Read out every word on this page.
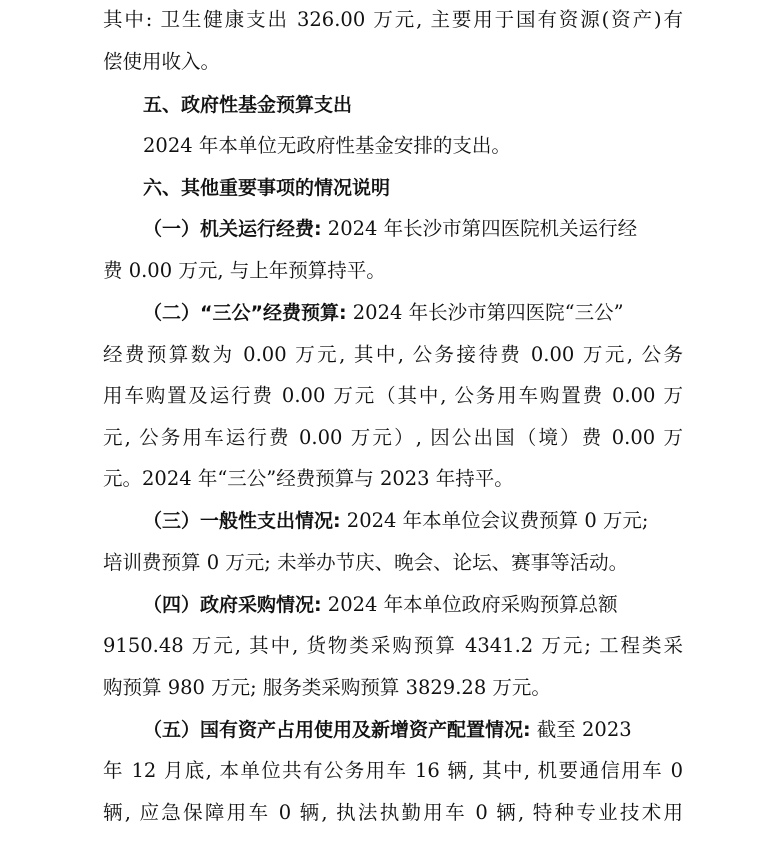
其中: 卫生健康支出 326.00 万元, 主要用于国有资源(资产)有

偿使用收入。

五、政府性基金预算支出

2024 年本单位无政府性基金安排的支出。

六、其他重要事项的情况说明

（一）机关运行经费: 2024 年长沙市第四医院机关运行经

费 0.00 万元, 与上年预算持平。

（二）“三公”经费预算: 2024 年长沙市第四医院“三公”

经费预算数为 0.00 万元, 其中, 公务接待费 0.00 万元, 公务

用车购置及运行费 0.00 万元（其中, 公务用车购置费 0.00 万

元, 公务用车运行费 0.00 万元）, 因公出国（境）费 0.00 万

元。2024 年“三公”经费预算与 2023 年持平。

（三）一般性支出情况: 2024 年本单位会议费预算 0 万元;

培训费预算 0 万元; 未举办节庆、晚会、论坛、赛事等活动。

（四）政府采购情况: 2024 年本单位政府采购预算总额

9150.48 万元, 其中, 货物类采购预算 4341.2 万元; 工程类采

购预算 980 万元; 服务类采购预算 3829.28 万元。

（五）国有资产占用使用及新增资产配置情况: 截至 2023

年 12 月底, 本单位共有公务用车 16 辆, 其中, 机要通信用车 0

辆, 应急保障用车 0 辆, 执法执勤用车 0 辆, 特种专业技术用
